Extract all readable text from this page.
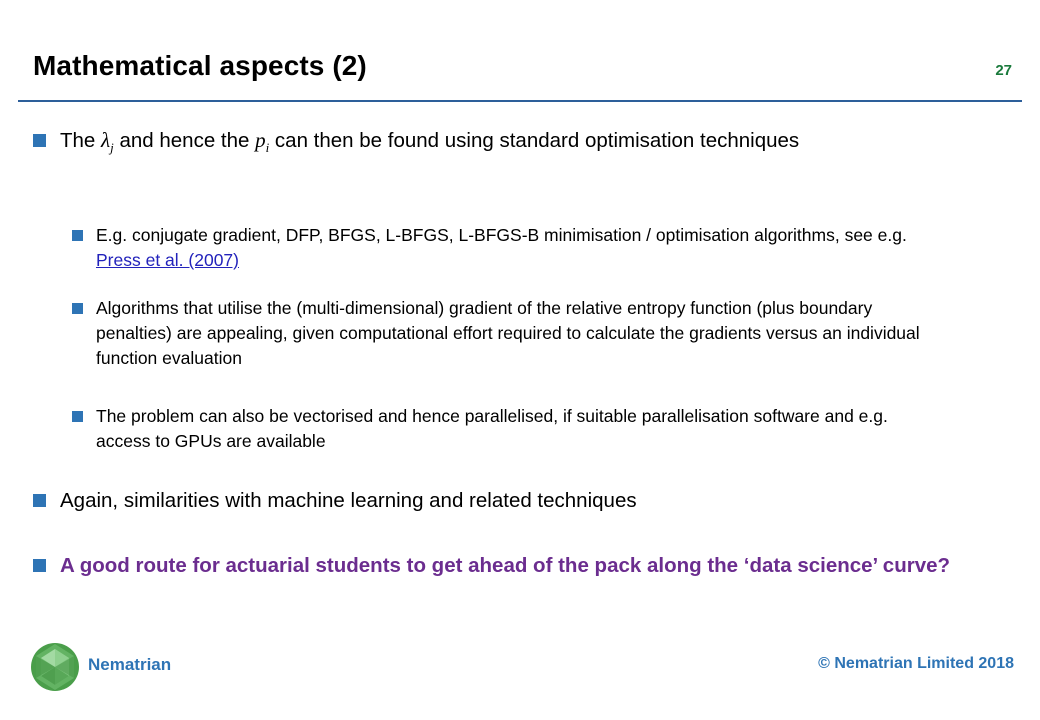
Mathematical aspects (2)	27
The $\lambda_j$ and hence the $p_i$ can then be found using standard optimisation techniques
E.g. conjugate gradient, DFP, BFGS, L-BFGS, L-BFGS-B minimisation / optimisation algorithms, see e.g. Press et al. (2007)
Algorithms that utilise the (multi-dimensional) gradient of the relative entropy function (plus boundary penalties) are appealing, given computational effort required to calculate the gradients versus an individual function evaluation
The problem can also be vectorised and hence parallelised, if suitable parallelisation software and e.g. access to GPUs are available
Again, similarities with machine learning and related techniques
A good route for actuarial students to get ahead of the pack along the ‘data science’ curve?
Nematrian	© Nematrian Limited 2018
